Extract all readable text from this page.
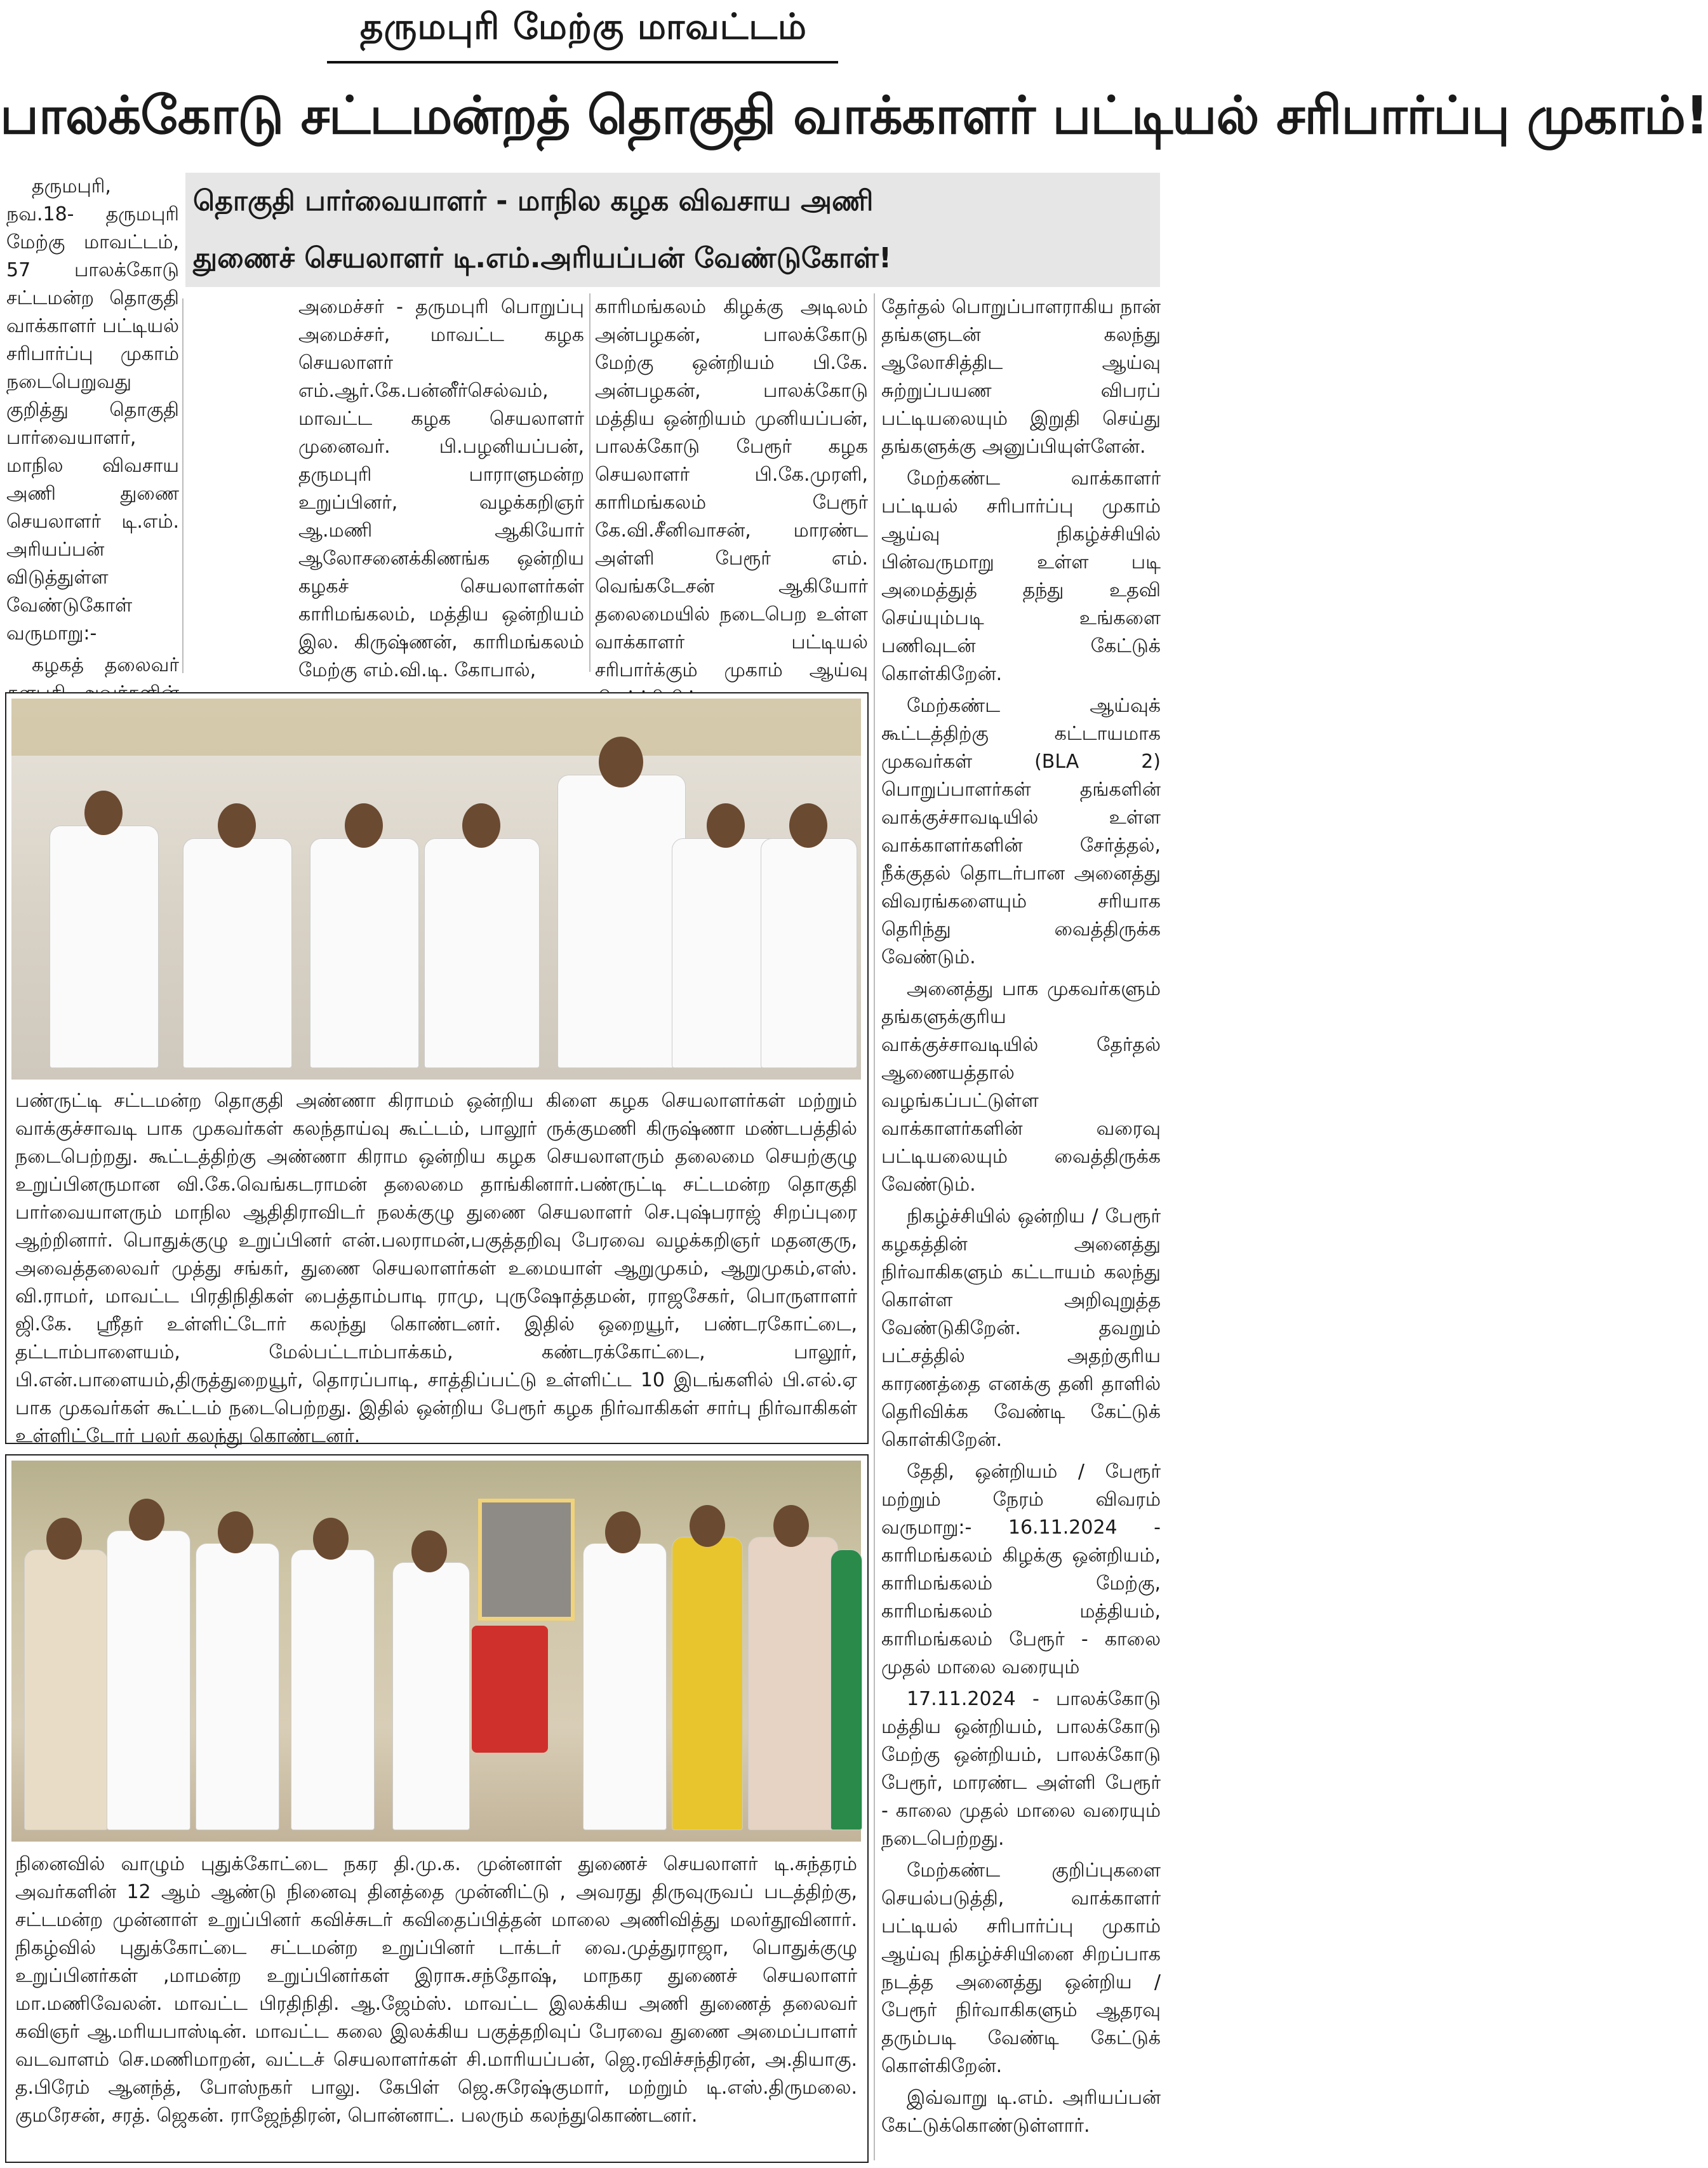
தருமபுரி மேற்கு மாவட்டம்
பாலக்கோடு சட்டமன்றத் தொகுதி வாக்காளர் பட்டியல் சரிபார்ப்பு முகாம்!

தொகுதி பார்வையாளர் - மாநில கழக விவசாய அணி

துணைச் செயலாளர் டி.எம்.அரியப்பன் வேண்டுகோள்!

தருமபுரி, நவ.18- தருமபுரி மேற்கு மாவட்டம், 57 பாலக்கோடு சட்டமன்ற தொகுதி வாக்காளர் பட்டியல் சரிபார்ப்பு முகாம் நடைபெறுவது குறித்து தொகுதி பார்வையாளர், மாநில விவசாய அணி துணை செயலாளர் டி.எம். அரியப்பன் விடுத்துள்ள வேண்டுகோள் வருமாறு:-

கழகத் தலைவர்

அமைச்சர் - தருமபுரி பொறுப்பு அமைச்சர், மாவட்ட கழக செயலாளர் எம்.ஆர்.கே.பன்னீர்செல்வம், மாவட்ட கழக செயலாளர் முனைவர். பி.பழனியப்பன், தருமபுரி பாராளுமன்ற உறுப்பினர், வழக்கறிஞர் ஆ.மணி ஆகியோர் ஆலோசனைக்கிணங்க ஒன்றிய கழகச் செயலாளர்கள் காரிமங்கலம், மத்திய ஒன்றியம் இல. கிருஷ்ணன், காரிமங்கலம் மேற்கு எம்.வி.டி. கோபால்,

காரிமங்கலம் கிழக்கு அடிலம் அன்பழகன், பாலக்கோடு மேற்கு ஒன்றியம் பி.கே. அன்பழகன், பாலக்கோடு மத்திய ஒன்றியம் முனியப்பன், பாலக்கோடு பேரூர் கழக செயலாளர் பி.கே.முரளி, காரிமங்கலம் பேரூர் கே.வி.சீனிவாசன், மாரண்ட அள்ளி பேரூர் எம். வெங்கடேசன் ஆகியோர் தலைமையில் நடைபெற உள்ள வாக்காளர் பட்டியல் சரிபார்க்கும் முகாம் ஆய்வு

தேர்தல் பொறுப்பாளராகிய நான் தங்களுடன் கலந்து ஆலோசித்திட ஆய்வு சுற்றுப்பயண விபரப் பட்டியலையும் இறுதி செய்து தங்களுக்கு அனுப்பியுள்ளேன்.

மேற்கண்ட வாக்காளர் பட்டியல் சரிபார்ப்பு முகாம் ஆய்வு நிகழ்ச்சியில் பின்வருமாறு உள்ள படி அமைத்துத் தந்து உதவி செய்யும்படி உங்களை பணிவுடன் கேட்டுக் கொள்கிறேன்.

மேற்கண்ட ஆய்வுக் கூட்டத்திற்கு கட்டாயமாக முகவர்கள் (BLA 2) பொறுப்பாளர்கள் தங்களின் வாக்குச்சாவடியில் உள்ள வாக்காளர்களின் சேர்த்தல், நீக்குதல் தொடர்பான அனைத்து விவரங்களையும் சரியாக தெரிந்து வைத்திருக்க வேண்டும்.

அனைத்து பாக முகவர்களும் தங்களுக்குரிய வாக்குச்சாவடியில் தேர்தல் ஆணையத்தால் வழங்கப்பட்டுள்ள வாக்காளர்களின் வரைவு பட்டியலையும் வைத்திருக்க வேண்டும்.

நிகழ்ச்சியில் ஒன்றிய / பேரூர் கழகத்தின் அனைத்து நிர்வாகிகளும் கட்டாயம் கலந்து கொள்ள அறிவுறுத்த வேண்டுகிறேன். தவறும் பட்சத்தில் அதற்குரிய காரணத்தை எனக்கு தனி தாளில் தெரிவிக்க வேண்டி கேட்டுக் கொள்கிறேன்.

தேதி, ஒன்றியம் / பேரூர் மற்றும் நேரம் விவரம் வருமாறு:- 16.11.2024 - காரிமங்கலம் கிழக்கு ஒன்றியம், காரிமங்கலம் மேற்கு, காரிமங்கலம் மத்தியம், காரிமங்கலம் பேரூர் - காலை முதல் மாலை வரையும்

17.11.2024 - பாலக்கோடு மத்திய ஒன்றியம், பாலக்கோடு மேற்கு ஒன்றியம், பாலக்கோடு பேரூர், மாரண்ட அள்ளி பேரூர் - காலை முதல் மாலை வரையும் நடைபெற்றது.

மேற்கண்ட குறிப்புகளை செயல்படுத்தி, வாக்காளர் பட்டியல் சரிபார்ப்பு முகாம் ஆய்வு நிகழ்ச்சியினை சிறப்பாக நடத்த அனைத்து ஒன்றிய / பேரூர் நிர்வாகிகளும் ஆதரவு தரும்படி வேண்டி கேட்டுக் கொள்கிறேன்.

இவ்வாறு டி.எம். அரியப்பன் கேட்டுக்கொண்டுள்ளார்.

பண்ருட்டி சட்டமன்ற தொகுதி அண்ணா கிராமம் ஒன்றிய கிளை கழக செயலாளர்கள் மற்றும் வாக்குச்சாவடி பாக முகவர்கள் கலந்தாய்வு கூட்டம், பாலூர் ருக்குமணி கிருஷ்ணா மண்டபத்தில் நடைபெற்றது. கூட்டத்திற்கு அண்ணா கிராம ஒன்றிய கழக செயலாளரும் தலைமை செயற்குழு உறுப்பினருமான வி.கே.வெங்கடராமன் தலைமை தாங்கினார்.பண்ருட்டி சட்டமன்ற தொகுதி பார்வையாளரும் மாநில ஆதிதிராவிடர் நலக்குழு துணை செயலாளர் செ.புஷ்பராஜ் சிறப்புரை ஆற்றினார். பொதுக்குழு உறுப்பினர் என்.பலராமன்,பகுத்தறிவு பேரவை வழக்கறிஞர் மதனகுரு, அவைத்தலைவர் முத்து சங்கர், துணை செயலாளர்கள் உமையாள் ஆறுமுகம், ஆறுமுகம்,எஸ். வி.ராமர், மாவட்ட பிரதிநிதிகள் பைத்தாம்பாடி ராமு, புருஷோத்தமன், ராஜசேகர், பொருளாளர் ஜி.கே. ஸ்ரீதர் உள்ளிட்டோர் கலந்து கொண்டனர். இதில் ஒறையூர், பண்டரகோட்டை, தட்டாம்பாளையம், மேல்பட்டாம்பாக்கம், கண்டரக்கோட்டை, பாலூர், பி.என்.பாளையம்,திருத்துறையூர், தொரப்பாடி, சாத்திப்பட்டு உள்ளிட்ட 10 இடங்களில் பி.எல்.ஏ பாக முகவர்கள் கூட்டம் நடைபெற்றது. இதில் ஒன்றிய பேரூர் கழக நிர்வாகிகள் சார்பு நிர்வாகிகள் உள்ளிட்டோர் பலர் கலந்து கொண்டனர்.
நினைவில் வாழும் புதுக்கோட்டை நகர தி.மு.க. முன்னாள் துணைச் செயலாளர் டி.சுந்தரம் அவர்களின் 12 ஆம் ஆண்டு நினைவு தினத்தை முன்னிட்டு , அவரது திருவுருவப் படத்திற்கு, சட்டமன்ற முன்னாள் உறுப்பினர் கவிச்சுடர் கவிதைப்பித்தன் மாலை அணிவித்து மலர்தூவினார். நிகழ்வில் புதுக்கோட்டை சட்டமன்ற உறுப்பினர் டாக்டர் வை.முத்துராஜா, பொதுக்குழு உறுப்பினர்கள் ,மாமன்ற உறுப்பினர்கள் இராசு.சந்தோஷ், மாநகர துணைச் செயலாளர் மா.மணிவேலன். மாவட்ட பிரதிநிதி. ஆ.ஜேம்ஸ். மாவட்ட இலக்கிய அணி துணைத் தலைவர் கவிஞர் ஆ.மரியபாஸ்டின். மாவட்ட கலை இலக்கிய பகுத்தறிவுப் பேரவை துணை அமைப்பாளர் வடவாளம் செ.மணிமாறன், வட்டச் செயலாளர்கள் சி.மாரியப்பன், ஜெ.ரவிச்சந்திரன், அ.தியாகு. த.பிரேம் ஆனந்த், போஸ்நகர் பாலு. கேபிள் ஜெ.சுரேஷ்குமார், மற்றும் டி.எஸ்.திருமலை. குமரேசன், சரத். ஜெகன். ராஜேந்திரன், பொன்னாட். பலரும் கலந்துகொண்டனர்.
